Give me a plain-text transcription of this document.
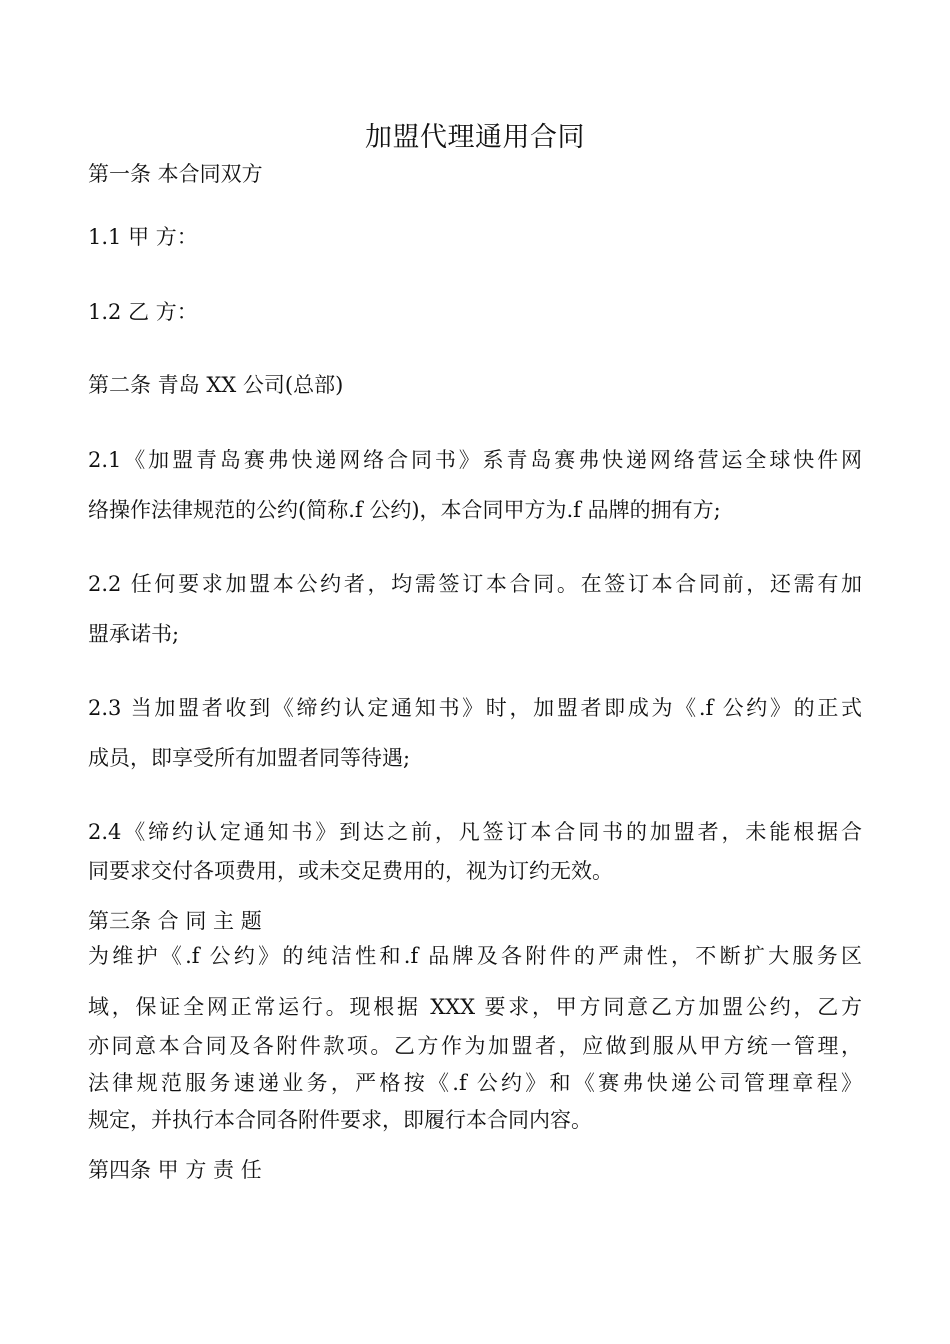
加盟代理通用合同

第一条 本合同双方

1.1 甲 方：

1.2 乙 方：

第二条 青岛 XX 公司(总部)

2.1《加盟青岛赛弗快递网络合同书》系青岛赛弗快递网络营运全球快件网

络操作法律规范的公约(简称.f 公约)，本合同甲方为.f 品牌的拥有方;

2.2 任何要求加盟本公约者，均需签订本合同。在签订本合同前，还需有加

盟承诺书;

2.3 当加盟者收到《缔约认定通知书》时，加盟者即成为《.f 公约》的正式

成员，即享受所有加盟者同等待遇;

2.4《缔约认定通知书》到达之前，凡签订本合同书的加盟者，未能根据合

同要求交付各项费用，或未交足费用的，视为订约无效。

第三条 合 同 主 题

为维护《.f 公约》的纯洁性和.f 品牌及各附件的严肃性，不断扩大服务区

域，保证全网正常运行。现根据 XXX 要求，甲方同意乙方加盟公约，乙方

亦同意本合同及各附件款项。乙方作为加盟者，应做到服从甲方统一管理，

法律规范服务速递业务，严格按《.f 公约》和《赛弗快递公司管理章程》

规定，并执行本合同各附件要求，即履行本合同内容。

第四条 甲 方 责 任
